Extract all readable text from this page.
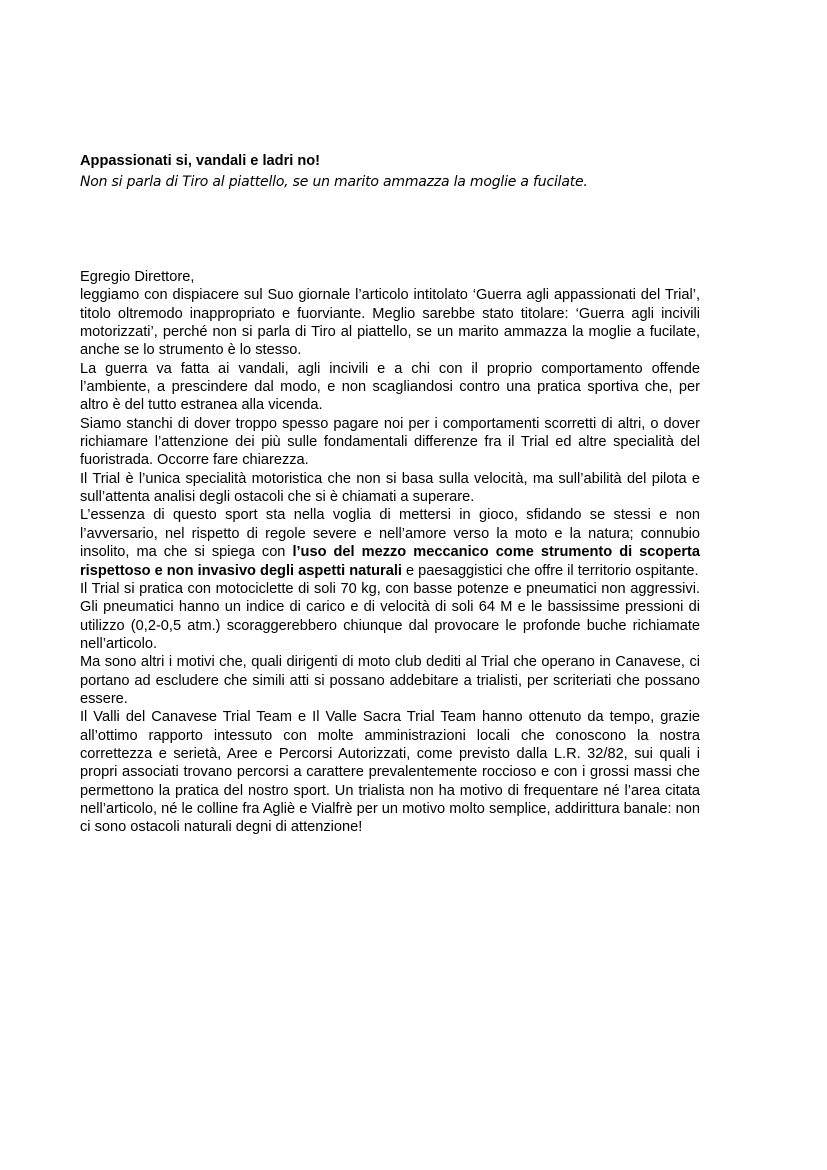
Appassionati si, vandali e ladri no!

Non si parla di Tiro al piattello, se un marito ammazza la moglie a fucilate.

Egregio Direttore,

leggiamo con dispiacere sul Suo giornale l’articolo intitolato ‘Guerra agli appassionati del Trial’, titolo oltremodo inappropriato e fuorviante. Meglio sarebbe stato titolare: ‘Guerra agli incivili motorizzati’, perché non si parla di Tiro al piattello, se un marito ammazza la moglie a fucilate, anche se lo strumento è lo stesso.

La guerra va fatta ai vandali, agli incivili e a chi con il proprio comportamento offende l’ambiente, a prescindere dal modo, e non scagliandosi contro una pratica sportiva che, per altro è del tutto estranea alla vicenda.

Siamo stanchi di dover troppo spesso pagare noi per i comportamenti scorretti di altri, o dover richiamare l’attenzione dei più sulle fondamentali differenze fra il Trial ed altre specialità del fuoristrada. Occorre fare chiarezza.

Il Trial è l’unica specialità motoristica che non si basa sulla velocità, ma sull’abilità del pilota e sull’attenta analisi degli ostacoli che si è chiamati a superare.

L’essenza di questo sport sta nella voglia di mettersi in gioco, sfidando se stessi e non l’avversario, nel rispetto di regole severe e nell’amore verso la moto e la natura; connubio insolito, ma che si spiega con l’uso del mezzo meccanico come strumento di scoperta rispettoso e non invasivo degli aspetti naturali e paesaggistici che offre il territorio ospitante.

Il Trial si pratica con motociclette di soli 70 kg, con basse potenze e pneumatici non aggressivi. Gli pneumatici hanno un indice di carico e di velocità di soli 64 M e le bassissime pressioni di utilizzo (0,2-0,5 atm.) scoraggerebbero chiunque dal provocare le profonde buche richiamate nell’articolo.

Ma sono altri i motivi che, quali dirigenti di moto club dediti al Trial che operano in Canavese, ci portano ad escludere che simili atti si possano addebitare a trialisti, per scriteriati che possano essere.

Il Valli del Canavese Trial Team e Il Valle Sacra Trial Team hanno ottenuto da tempo, grazie all’ottimo rapporto intessuto con molte amministrazioni locali che conoscono la nostra correttezza e serietà, Aree e Percorsi Autorizzati, come previsto dalla L.R. 32/82, sui quali i propri associati trovano percorsi a carattere prevalentemente roccioso e con i grossi massi che permettono la pratica del nostro sport. Un trialista non ha motivo di frequentare né l’area citata nell’articolo, né le colline fra Agliè e Vialfrè per un motivo molto semplice, addirittura banale: non ci sono ostacoli naturali degni di attenzione!
